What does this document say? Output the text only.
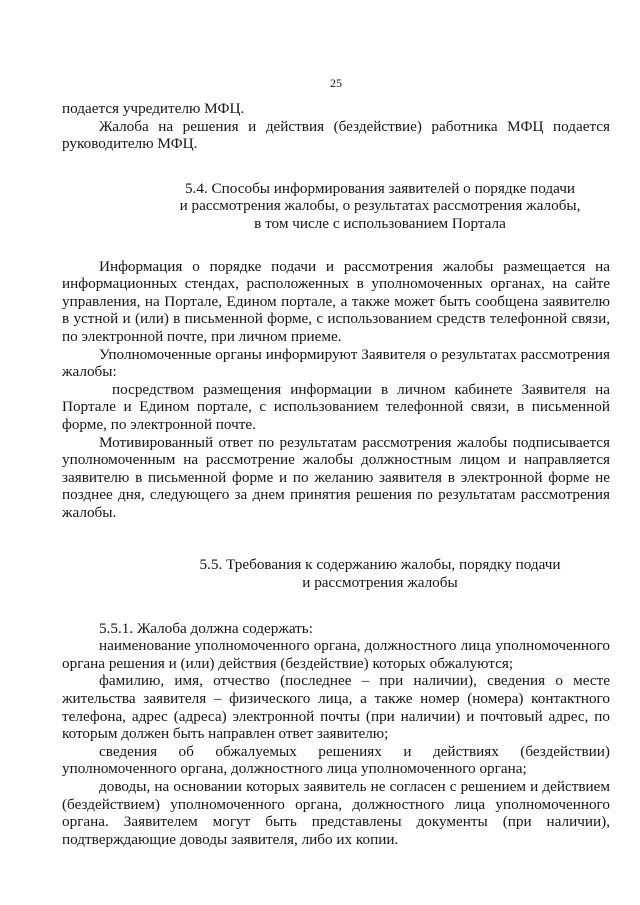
25

подается учредителю МФЦ.

Жалоба на решения и действия (бездействие) работника МФЦ подается руководителю МФЦ.

5.4. Способы информирования заявителей о порядке подачи

и рассмотрения жалобы, о результатах рассмотрения жалобы,

в том числе с использованием Портала

Информация о порядке подачи и рассмотрения жалобы размещается на информационных стендах, расположенных в уполномоченных органах, на сайте управления, на Портале, Едином портале, а также может быть сообщена заявителю в устной и (или) в письменной форме, с использованием средств телефонной связи, по электронной почте, при личном приеме.

Уполномоченные органы информируют Заявителя о результатах рассмотрения жалобы:

посредством размещения информации в личном кабинете Заявителя на Портале и Едином портале, с использованием телефонной связи, в письменной форме, по электронной почте.

Мотивированный ответ по результатам рассмотрения жалобы подписывается уполномоченным на рассмотрение жалобы должностным лицом и направляется заявителю в письменной форме и по желанию заявителя в электронной форме не позднее дня, следующего за днем принятия решения по результатам рассмотрения жалобы.

5.5. Требования к содержанию жалобы, порядку подачи

и рассмотрения жалобы

5.5.1. Жалоба должна содержать:

наименование уполномоченного органа, должностного лица уполномоченного органа решения и (или) действия (бездействие) которых обжалуются;

фамилию, имя, отчество (последнее – при наличии), сведения о месте жительства заявителя – физического лица, а также номер (номера) контактного телефона, адрес (адреса) электронной почты (при наличии) и почтовый адрес, по которым должен быть направлен ответ заявителю;

сведения об обжалуемых решениях и действиях (бездействии) уполномоченного органа, должностного лица уполномоченного органа;

доводы, на основании которых заявитель не согласен с решением и действием (бездействием) уполномоченного органа, должностного лица уполномоченного органа. Заявителем могут быть представлены документы (при наличии), подтверждающие доводы заявителя, либо их копии.
